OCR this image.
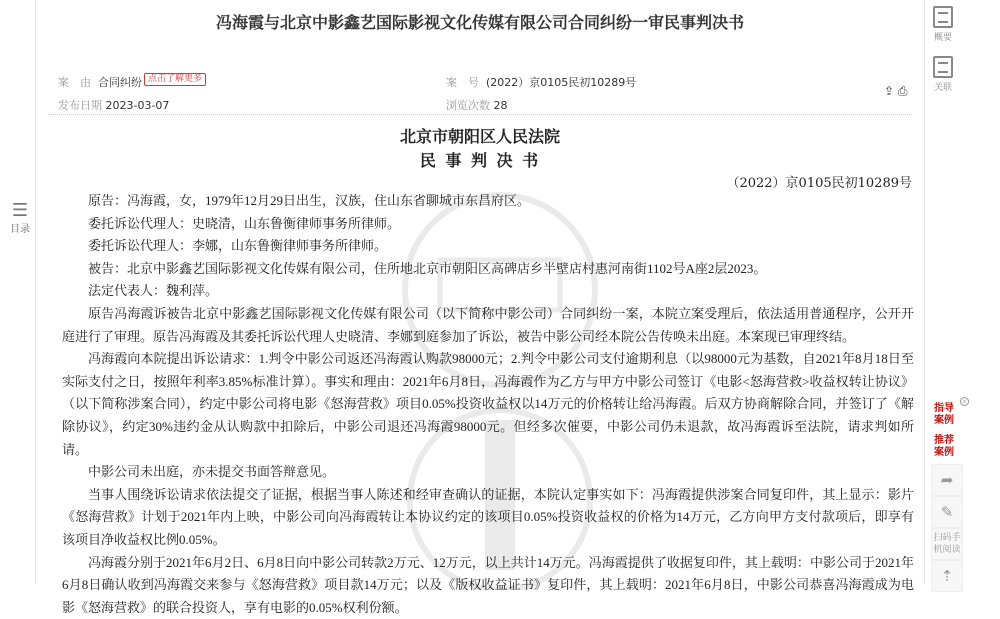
冯海霞与北京中影鑫艺国际影视文化传媒有限公司合同纠纷一审民事判决书
案　由 合同纠纷 点击了解更多
发布日期 2023-03-07
案　号 (2022）京0105民初10289号
浏览次数 28
⇪ ⎙
北京市朝阳区人民法院
民 事 判 决 书
（2022）京0105民初10289号

原告：冯海霞，女，1979年12月29日出生，汉族，住山东省聊城市东昌府区。

委托诉讼代理人：史晓清，山东鲁衡律师事务所律师。

委托诉讼代理人：李娜，山东鲁衡律师事务所律师。

被告：北京中影鑫艺国际影视文化传媒有限公司，住所地北京市朝阳区高碑店乡半壁店村惠河南街1102号A座2层2023。

法定代表人：魏利萍。

原告冯海霞诉被告北京中影鑫艺国际影视文化传媒有限公司（以下简称中影公司）合同纠纷一案，本院立案受理后，依法适用普通程序，公开开庭进行了审理。原告冯海霞及其委托诉讼代理人史晓清、李娜到庭参加了诉讼，被告中影公司经本院公告传唤未出庭。本案现已审理终结。

冯海霞向本院提出诉讼请求：1.判令中影公司返还冯海霞认购款98000元；2.判令中影公司支付逾期利息（以98000元为基数，自2021年8月18日至实际支付之日，按照年利率3.85%标准计算）。事实和理由：2021年6月8日，冯海霞作为乙方与甲方中影公司签订《电影<怒海营救>收益权转让协议》（以下简称涉案合同），约定中影公司将电影《怒海营救》项目0.05%投资收益权以14万元的价格转让给冯海霞。后双方协商解除合同，并签订了《解除协议》，约定30%违约金从认购款中扣除后，中影公司退还冯海霞98000元。但经多次催要，中影公司仍未退款，故冯海霞诉至法院，请求判如所请。

中影公司未出庭，亦未提交书面答辩意见。

当事人围绕诉讼请求依法提交了证据，根据当事人陈述和经审查确认的证据，本院认定事实如下：冯海霞提供涉案合同复印件，其上显示：影片《怒海营救》计划于2021年内上映，中影公司向冯海霞转让本协议约定的该项目0.05%投资收益权的价格为14万元，乙方向甲方支付款项后，即享有该项目净收益权比例0.05%。

冯海霞分别于2021年6月2日、6月8日向中影公司转款2万元、12万元，以上共计14万元。冯海霞提供了收据复印件，其上载明：中影公司于2021年6月8日确认收到冯海霞交来参与《怒海营救》项目款14万元；以及《版权收益证书》复印件，其上载明：2021年6月8日，中影公司恭喜冯海霞成为电影《怒海营救》的联合投资人，享有电影的0.05%权利份额。

☰
目录
概要
关联
×
指导案例
推荐案例
➦
✎
扫码手机阅读
⇡
